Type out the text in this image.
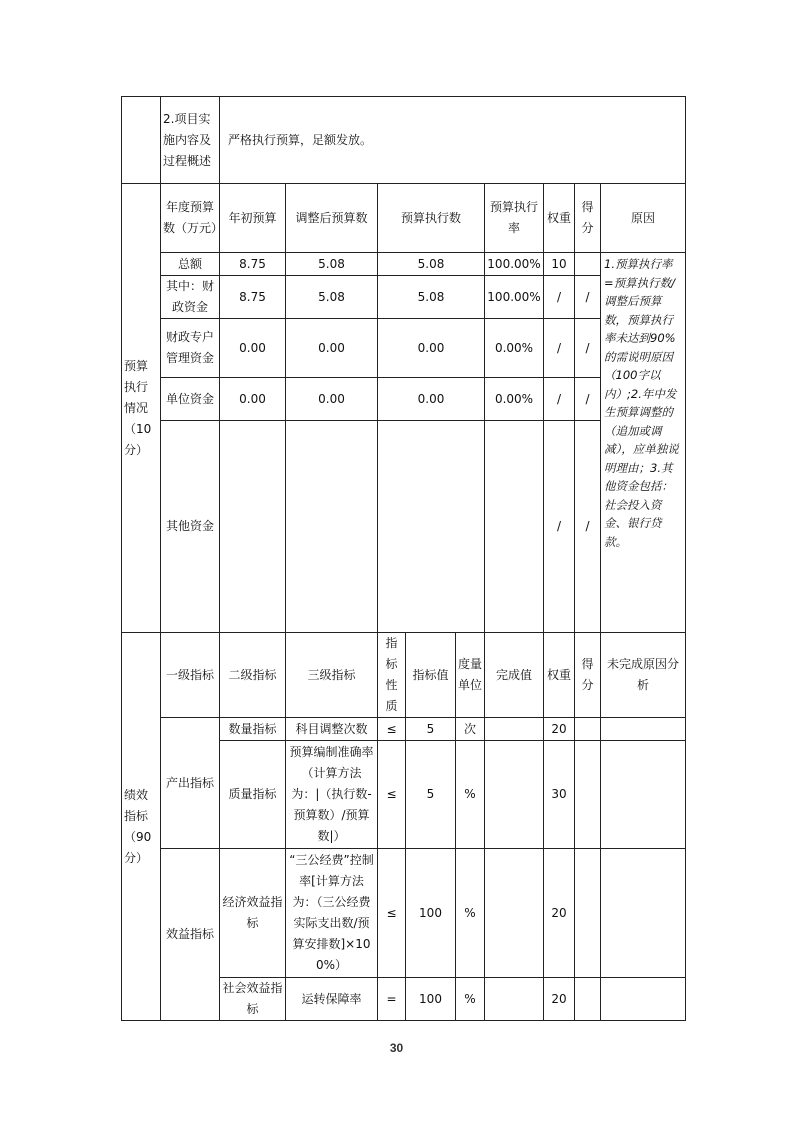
	2.项目实施内容及过程概述	严格执行预算，足额发放。								
预算执行情况（10分）	年度预算数（万元）	年初预算	调整后预算数	预算执行数			预算执行率	权重	得分	原因
	总额	8.75	5.08	5.08			100.00%	10		1.预算执行率=预算执行数/调整后预算数，预算执行率未达到90%的需说明原因（100字以内）;2.年中发生预算调整的（追加或调减），应单独说明理由；3.其他资金包括：社会投入资金、银行贷款。
	其中：财政资金	8.75	5.08	5.08			100.00%	/	/	
	财政专户管理资金	0.00	0.00	0.00			0.00%	/	/	
	单位资金	0.00	0.00	0.00			0.00%	/	/	
	其他资金							/	/	
绩效指标（90分）	一级指标	二级指标	三级指标	指标性质	指标值	度量单位	完成值	权重	得分	未完成原因分析
	产出指标	数量指标	科目调整次数	≤	5	次		20		
		质量指标	预算编制准确率（计算方法为：|（执行数-预算数）/预算数|）	≤	5	%		30		
	效益指标	经济效益指标	“三公经费”控制率[计算方法为：（三公经费实际支出数/预算安排数]×100%）	≤	100	%		20		
		社会效益指标	运转保障率	=	100	%		20		
30
